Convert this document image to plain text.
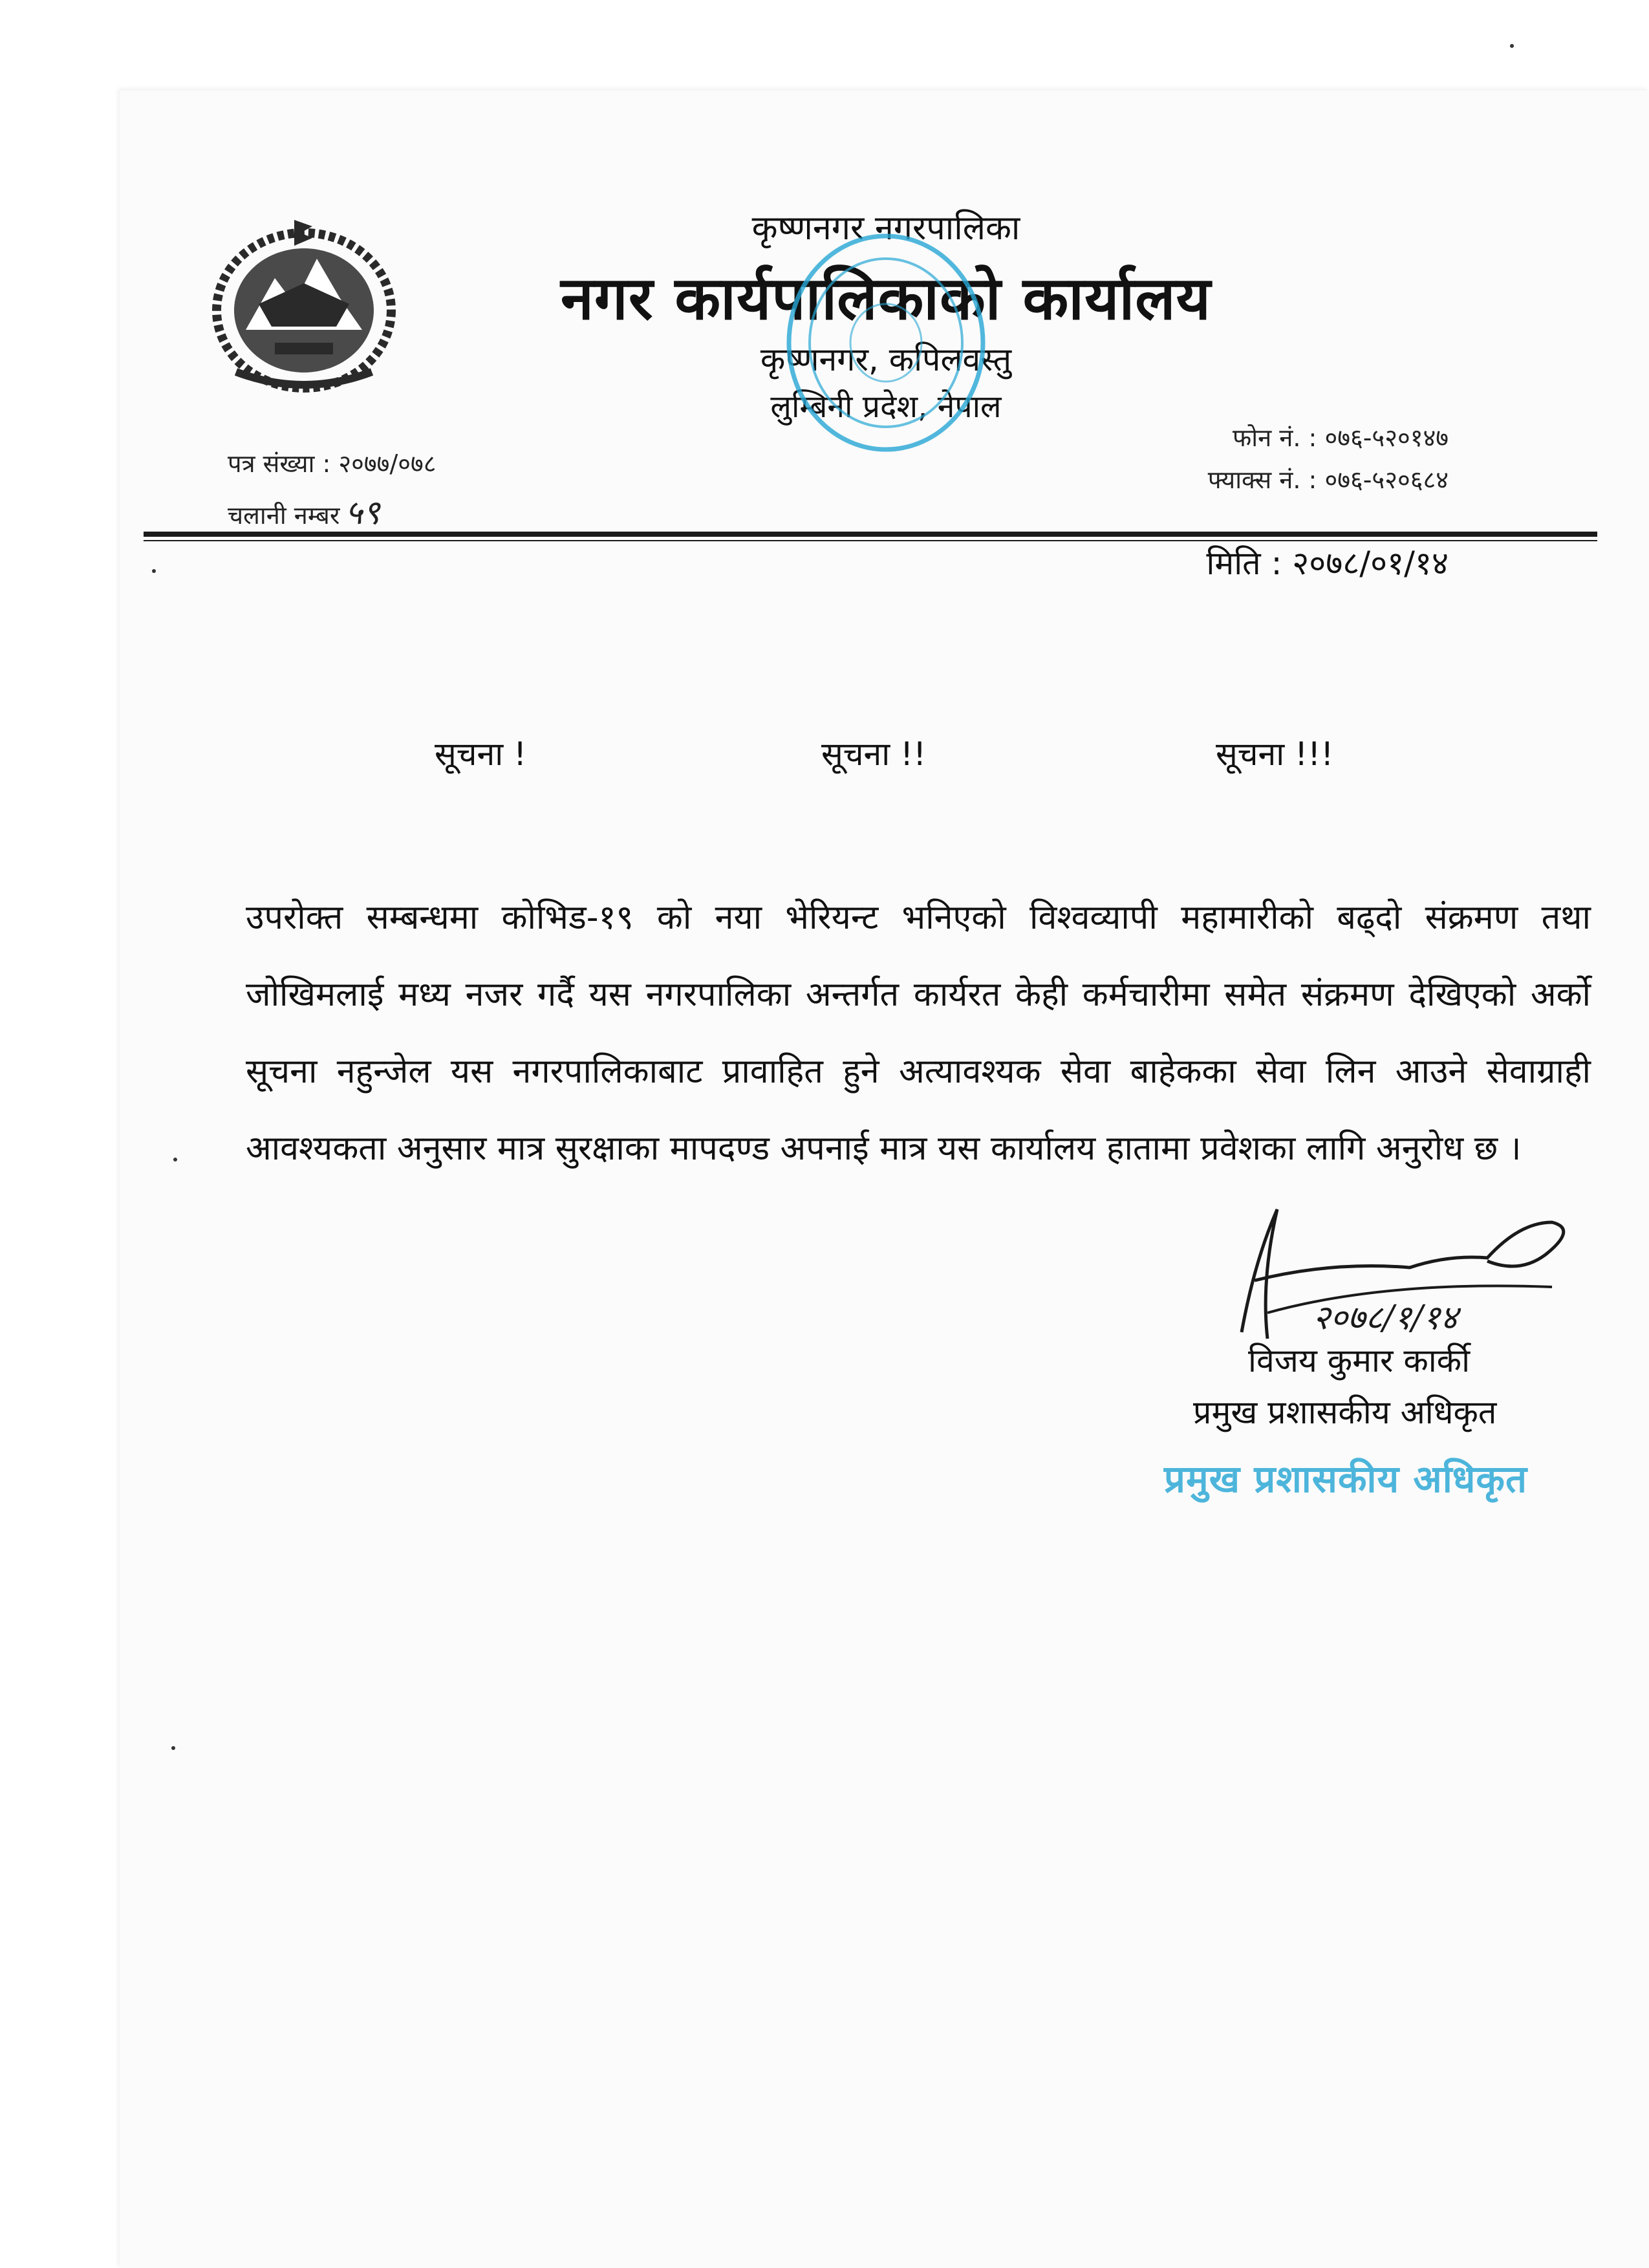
कृष्णनगर नगरपालिका
नगर कार्यपालिकाको कार्यालय
कृष्णनगर, कपिलवस्तु
लुम्बिनी प्रदेश, नेपाल
पत्र संख्या : २०७७/०७८
चलानी नम्बर ५९
फोन नं. : ०७६-५२०१४७
फ्याक्स नं. : ०७६-५२०६८४
मिति : २०७८/०१/१४
सूचना !	सूचना !!	सूचना !!!
उपरोक्त सम्बन्धमा कोभिड-१९ को नया भेरियन्ट भनिएको विश्वव्यापी महामारीको बढ्दो संक्रमण तथा जोखिमलाई मध्य नजर गर्दै यस नगरपालिका अन्तर्गत कार्यरत केही कर्मचारीमा समेत संक्रमण देखिएको अर्को सूचना नहुन्जेल यस नगरपालिकाबाट प्रावाहित हुने अत्यावश्यक सेवा बाहेकका सेवा लिन आउने सेवाग्राही आवश्यकता अनुसार मात्र सुरक्षाका मापदण्ड अपनाई मात्र यस कार्यालय हातामा प्रवेशका लागि अनुरोध छ ।
२०७८/१/१४
विजय कुमार कार्की
प्रमुख प्रशासकीय अधिकृत
प्रमुख प्रशासकीय अधिकृत
